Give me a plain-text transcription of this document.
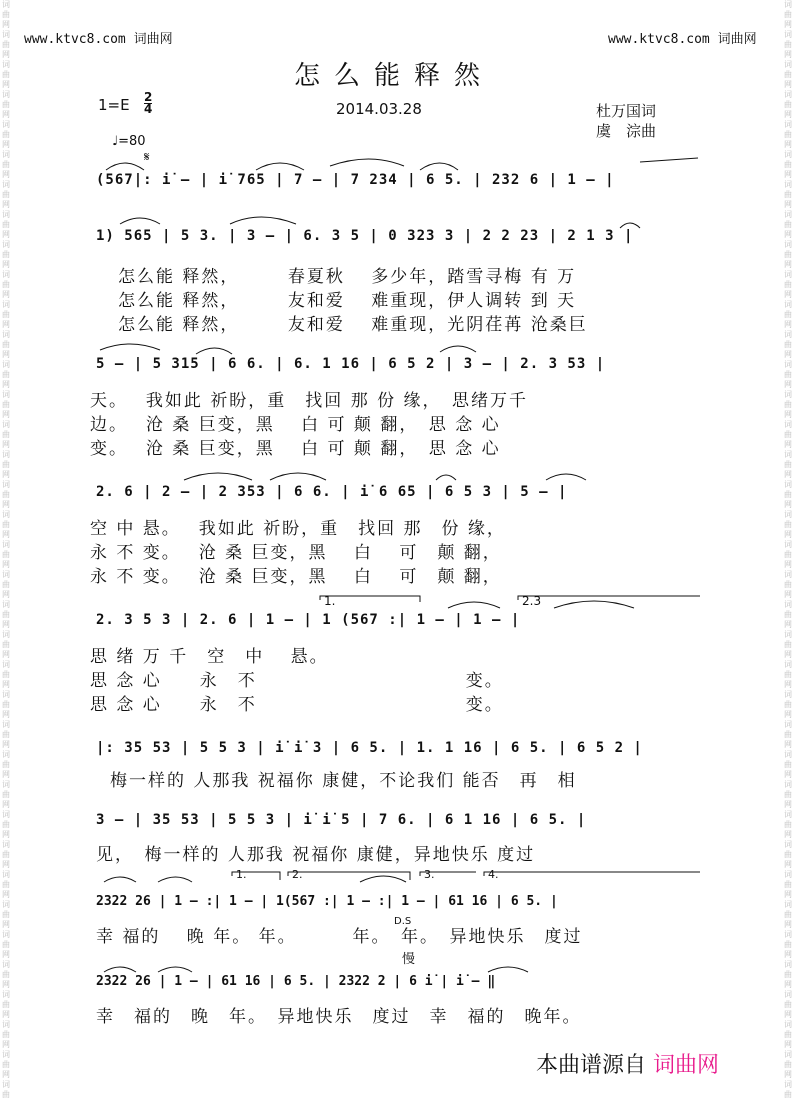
词
曲
网
词
曲
网
词
曲
网
词
曲
网
词
曲
网
词
曲
网
词
曲
网
词
曲
网
词
曲
网
词
曲
网
词
曲
网
词
曲
网
词
曲
网
词
曲
网
词
曲
网
词
曲
网
词
曲
网
词
曲
网
词
曲
网
词
曲
网
词
曲
网
词
曲
网
词
曲
网
词
曲
网
词
曲
网
词
曲
网
词
曲
网
词
曲
网
词
曲
网
词
曲
网
词
曲
网
词
曲
网
词
曲
网
词
曲
网
词
曲
网
词
曲
网
词
曲
词
曲
网
词
曲
网
词
曲
网
词
曲
网
词
曲
网
词
曲
网
词
曲
网
词
曲
网
词
曲
网
词
曲
网
词
曲
网
词
曲
网
词
曲
网
词
曲
网
词
曲
网
词
曲
网
词
曲
网
词
曲
网
词
曲
网
词
曲
网
词
曲
网
词
曲
网
词
曲
网
词
曲
网
词
曲
网
词
曲
网
词
曲
网
词
曲
网
词
曲
网
词
曲
网
词
曲
网
词
曲
网
词
曲
网
词
曲
网
词
曲
网
词
曲
网
词
曲
www.ktvc8.com 词曲网	www.ktvc8.com 词曲网
怎么能释然
1=E 2
4	2014.03.28	杜万国词
虞　淙曲
♩=80
𝄋
(567|: i̇ – | i̇ 765 | 7 – | 7 234 | 6 5. | 232 6 | 1 – |
1) 565 | 5 3. | 3 – | 6. 3 5 | 0 323 3 | 2 2 23 | 2 1 3 |
怎么能 释然，　　　春夏秋　 多少年，踏雪寻梅 有 万
怎么能 释然，　　　友和爱　 难重现，伊人调转 到 天
怎么能 释然，　　　友和爱　 难重现，光阴荏苒 沧桑巨
5 – | 5 315 | 6 6. | 6. 1 16 | 6 5 2 | 3 – | 2. 3 53 |
天。　 我如此 祈盼，重　找回 那 份 缘，　思绪万千
边。　 沧 桑 巨变，黑　 白 可 颠 翻，　思 念 心
变。　 沧 桑 巨变，黑　 白 可 颠 翻，　思 念 心
2. 6 | 2 – | 2 353 | 6 6. | i̇ 6 65 | 6 5 3 | 5 – |
空 中 悬。　 我如此 祈盼，重　找回 那　份 缘，
永 不 变。　 沧 桑 巨变，黑　 白　 可　颠 翻，
永 不 变。　 沧 桑 巨变，黑　 白　 可　颠 翻，
1.	2.3
2. 3 5 3 | 2. 6 | 1 – | 1 (567 :| 1 – | 1 – |
思 绪 万 千　空　中　 悬。
思 念 心　　永　不　　　　　　　　　　　变。
思 念 心　　永　不　　　　　　　　　　　变。
|: 35 53 | 5 5 3 | i̇ i̇ 3 | 6 5. | 1. 1 16 | 6 5. | 6 5 2 |
梅一样的 人那我 祝福你 康健，不论我们 能否　再　相
3 – | 35 53 | 5 5 3 | i̇ i̇ 5 | 7 6. | 6 1 16 | 6 5. |
见，　梅一样的 人那我 祝福你 康健，异地快乐 度过
1.	2.	3.	4.
2322 26 | 1 – :| 1 – | 1(567 :| 1 – :| 1 – | 61 16 | 6 5. |
D.S
幸 福的　 晚 年。 年。　　　 年。　年。　异地快乐　度过
慢
2322 26 | 1 – | 61 16 | 6 5. | 2322 2 | 6 i̇ | i̇ – ‖
幸　福的　晚　年。　异地快乐　度过　幸　福的　晚年。
本曲谱源自 词曲网
